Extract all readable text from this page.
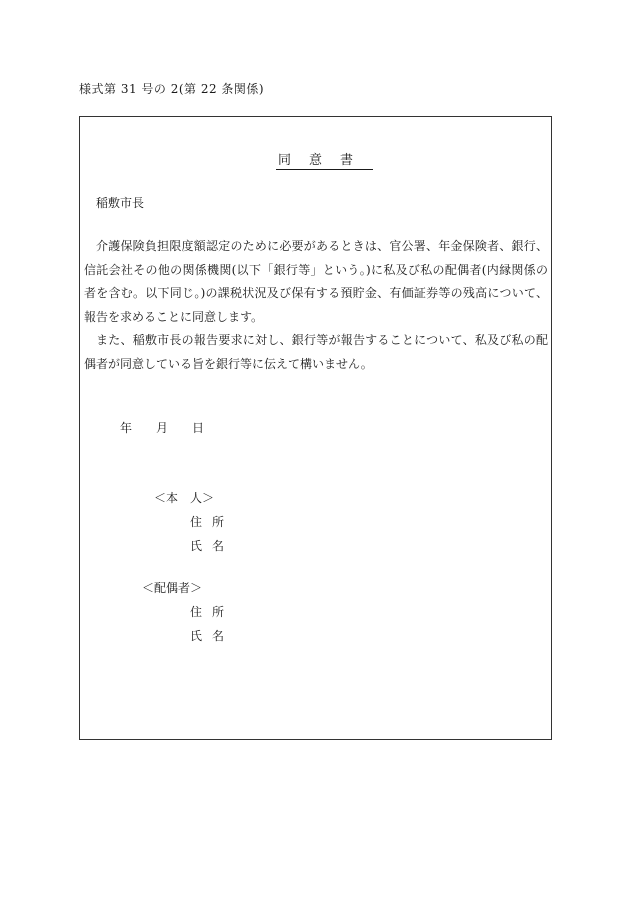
様式第 31 号の 2(第 22 条関係)
同意書
稲敷市長

介護保険負担限度額認定のために必要があるときは、官公署、年金保険者、銀行、信託会社その他の関係機関(以下「銀行等」という。)に私及び私の配偶者(内縁関係の者を含む。以下同じ。)の課税状況及び保有する預貯金、有価証券等の残高について、報告を求めることに同意します。

また、稲敷市長の報告要求に対し、銀行等が報告することについて、私及び私の配偶者が同意している旨を銀行等に伝えて構いません。

年 月 日
＜本　人＞
住所
氏名
＜配偶者＞
住所
氏名
